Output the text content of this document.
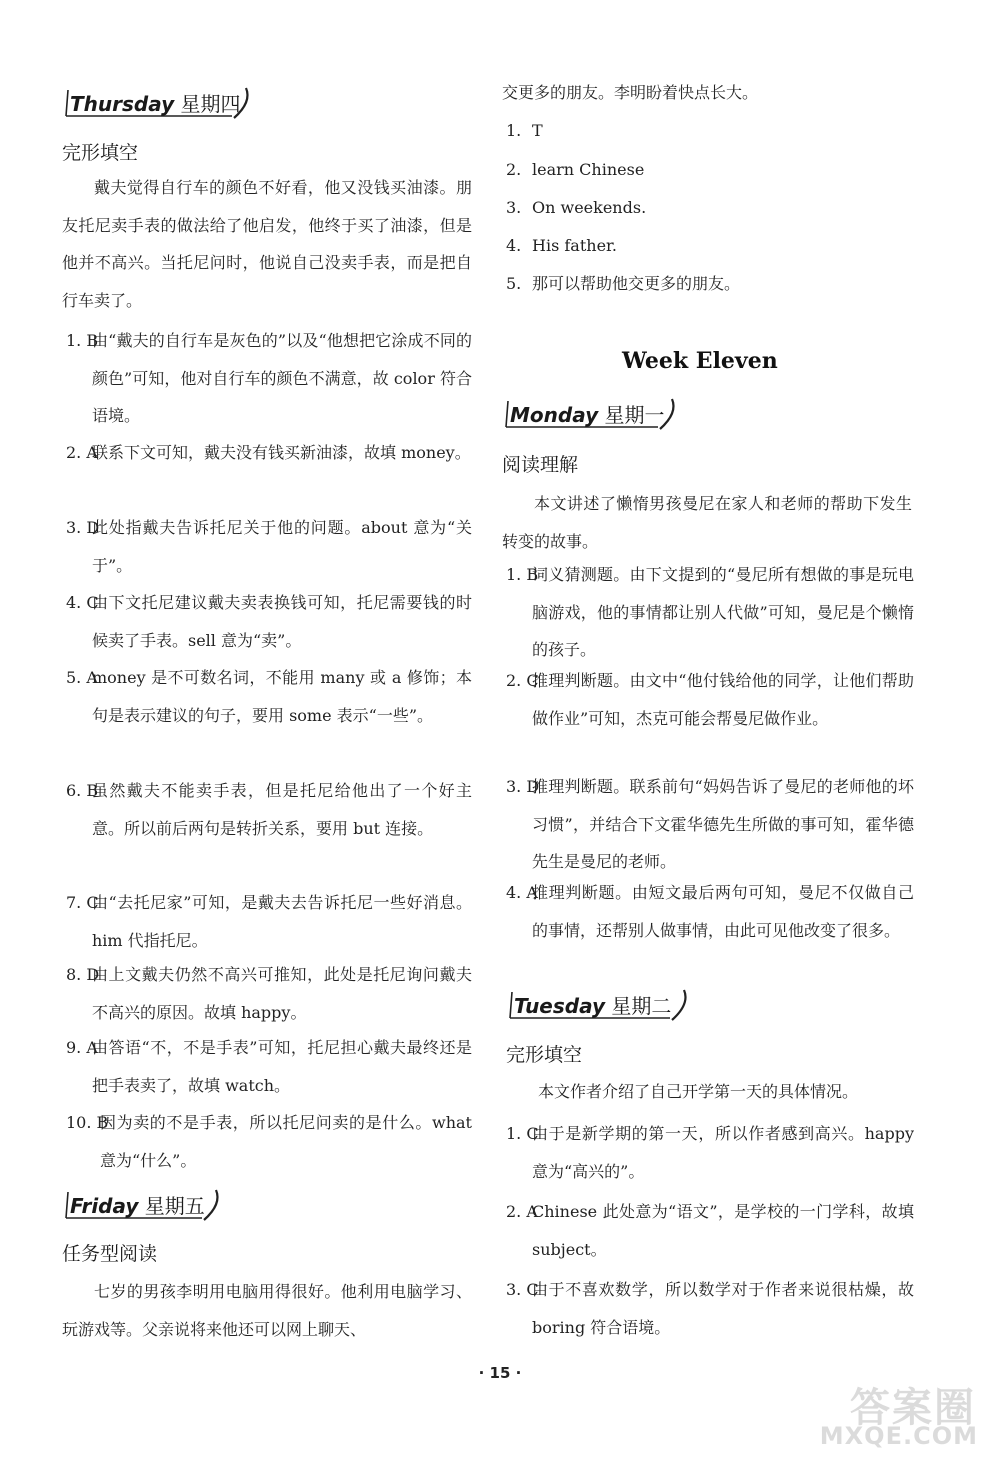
Thursday 星期四
完形填空
戴夫觉得自行车的颜色不好看，他又没钱买油漆。朋友托尼卖手表的做法给了他启发，他终于买了油漆，但是他并不高兴。当托尼问时，他说自己没卖手表，而是把自行车卖了。
1. B
由“戴夫的自行车是灰色的”以及“他想把它涂成不同的颜色”可知，他对自行车的颜色不满意，故 color 符合语境。
2. A
联系下文可知，戴夫没有钱买新油漆，故填 money。
3. D
此处指戴夫告诉托尼关于他的问题。about 意为“关于”。
4. C
由下文托尼建议戴夫卖表换钱可知，托尼需要钱的时候卖了手表。sell 意为“卖”。
5. A
money 是不可数名词，不能用 many 或 a 修饰；本句是表示建议的句子，要用 some 表示“一些”。
6. B
虽然戴夫不能卖手表，但是托尼给他出了一个好主意。所以前后两句是转折关系，要用 but 连接。
7. C
由“去托尼家”可知，是戴夫去告诉托尼一些好消息。him 代指托尼。
8. D
由上文戴夫仍然不高兴可推知，此处是托尼询问戴夫不高兴的原因。故填 happy。
9. A
由答语“不，不是手表”可知，托尼担心戴夫最终还是把手表卖了，故填 watch。
10. B
因为卖的不是手表，所以托尼问卖的是什么。what 意为“什么”。
Friday 星期五
任务型阅读
七岁的男孩李明用电脑用得很好。他利用电脑学习、玩游戏等。父亲说将来他还可以网上聊天、
交更多的朋友。李明盼着快点长大。
1. T
2. learn Chinese
3. On weekends.
4. His father.
5. 那可以帮助他交更多的朋友。
Week Eleven
Monday 星期一
阅读理解
本文讲述了懒惰男孩曼尼在家人和老师的帮助下发生转变的故事。
1. B
词义猜测题。由下文提到的“曼尼所有想做的事是玩电脑游戏，他的事情都让别人代做”可知，曼尼是个懒惰的孩子。
2. C
推理判断题。由文中“他付钱给他的同学，让他们帮助做作业”可知，杰克可能会帮曼尼做作业。
3. D
推理判断题。联系前句“妈妈告诉了曼尼的老师他的坏习惯”，并结合下文霍华德先生所做的事可知，霍华德先生是曼尼的老师。
4. A
推理判断题。由短文最后两句可知，曼尼不仅做自己的事情，还帮别人做事情，由此可见他改变了很多。
Tuesday 星期二
完形填空
本文作者介绍了自己开学第一天的具体情况。
1. C
由于是新学期的第一天，所以作者感到高兴。happy 意为“高兴的”。
2. A
Chinese 此处意为“语文”，是学校的一门学科，故填 subject。
3. C
由于不喜欢数学，所以数学对于作者来说很枯燥，故 boring 符合语境。
· 15 ·
答案圈
MXQE.COM
